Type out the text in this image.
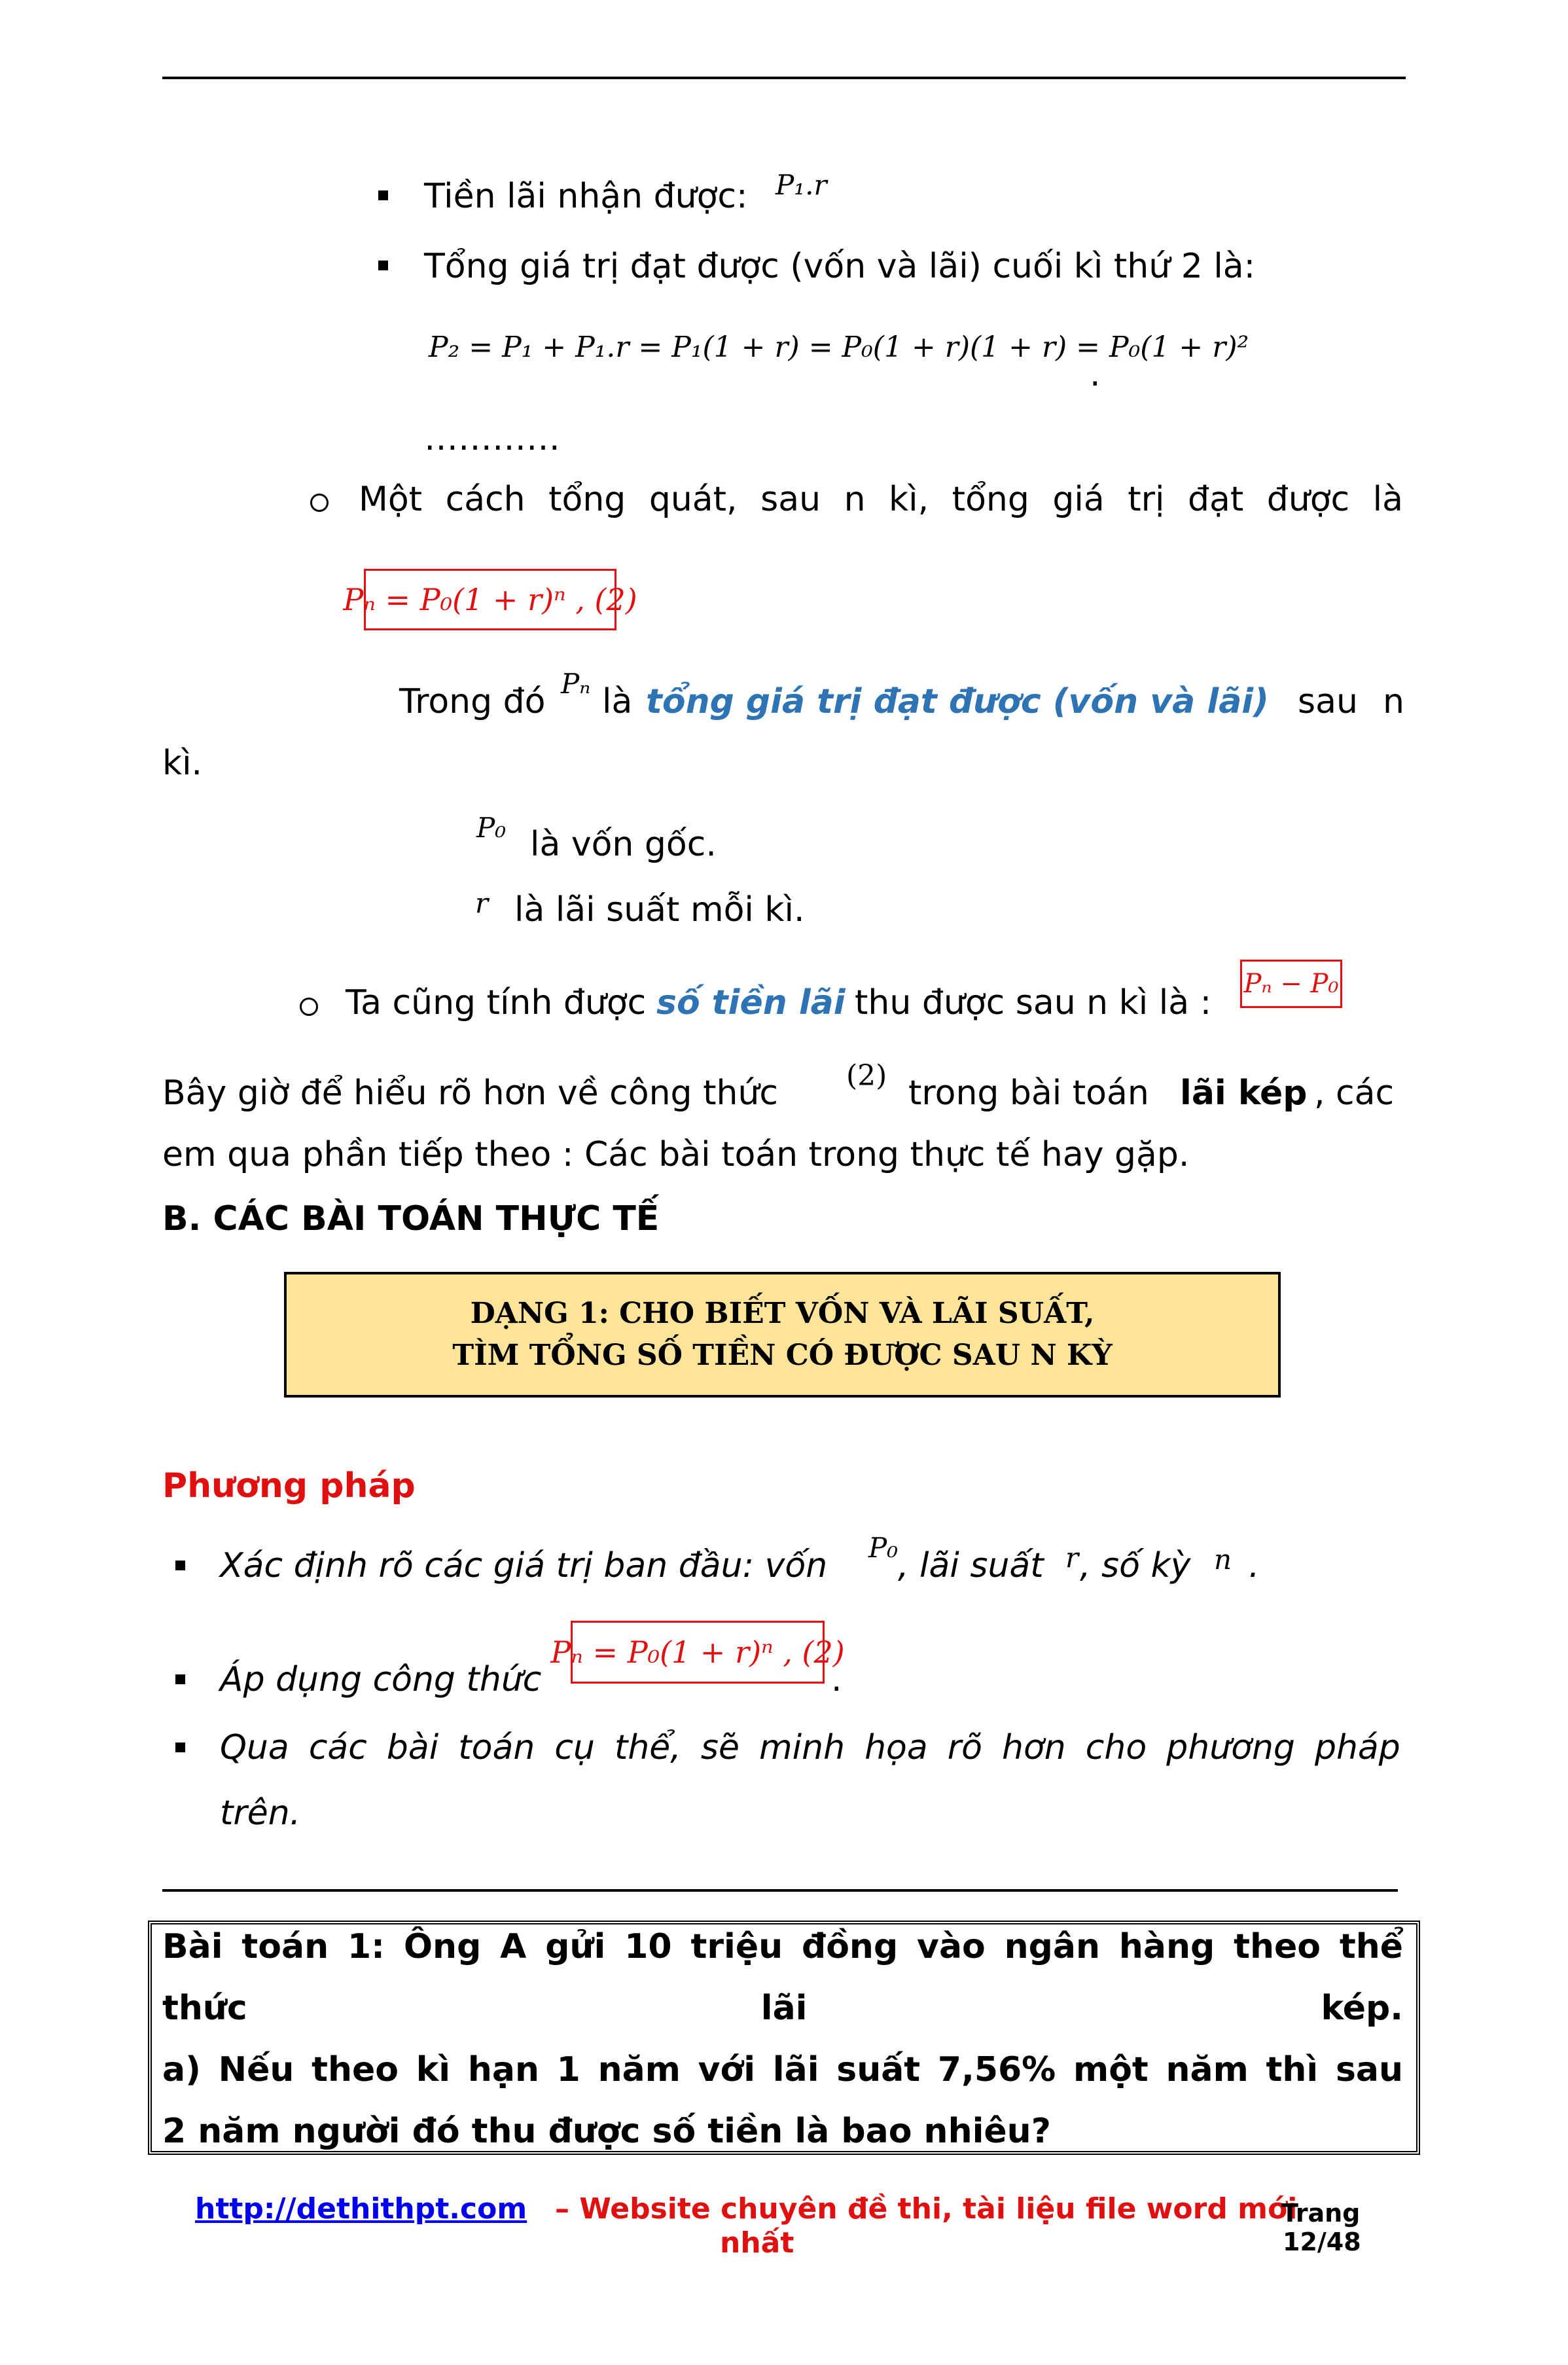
Tiền lãi nhận được: P₁.r
Tổng giá trị đạt được (vốn và lãi) cuối kì thứ 2 là:
P₂ = P₁ + P₁.r = P₁(1 + r) = P₀(1 + r)(1 + r) = P₀(1 + r)²
.
…………
Một cách tổng quát, sau n kì, tổng giá trị đạt được là
Pₙ = P₀(1 + r)ⁿ , (2)
Trong đó Pₙ là tổng giá trị đạt được (vốn và lãi) sau n
kì.
P₀ là vốn gốc.
r là lãi suất mỗi kì.
Ta cũng tính được số tiền lãi thu được sau n kì là : Pₙ − P₀
Bây giờ để hiểu rõ hơn về công thức (2) trong bài toán lãi kép , các
em qua phần tiếp theo : Các bài toán trong thực tế hay gặp.
B. CÁC BÀI TOÁN THỰC TẾ
DẠNG 1: CHO BIẾT VỐN VÀ LÃI SUẤT,
TÌM TỔNG SỐ TIỀN CÓ ĐƯỢC SAU N KỲ
Phương pháp
Xác định rõ các giá trị ban đầu: vốn P₀ , lãi suất r , số kỳ n .
Áp dụng công thức
Pₙ = P₀(1 + r)ⁿ , (2)
.
Qua các bài toán cụ thể, sẽ minh họa rõ hơn cho phương pháp
trên.
Bài toán 1: Ông A gửi 10 triệu đồng vào ngân hàng theo thể
thức	lãi	kép.
a) Nếu theo kì hạn 1 năm với lãi suất 7,56% một năm thì sau
2 năm người đó thu được số tiền là bao nhiêu?
http://dethithpt.com – Website chuyên đề thi, tài liệu file word mới
nhất
Trang
12/48
